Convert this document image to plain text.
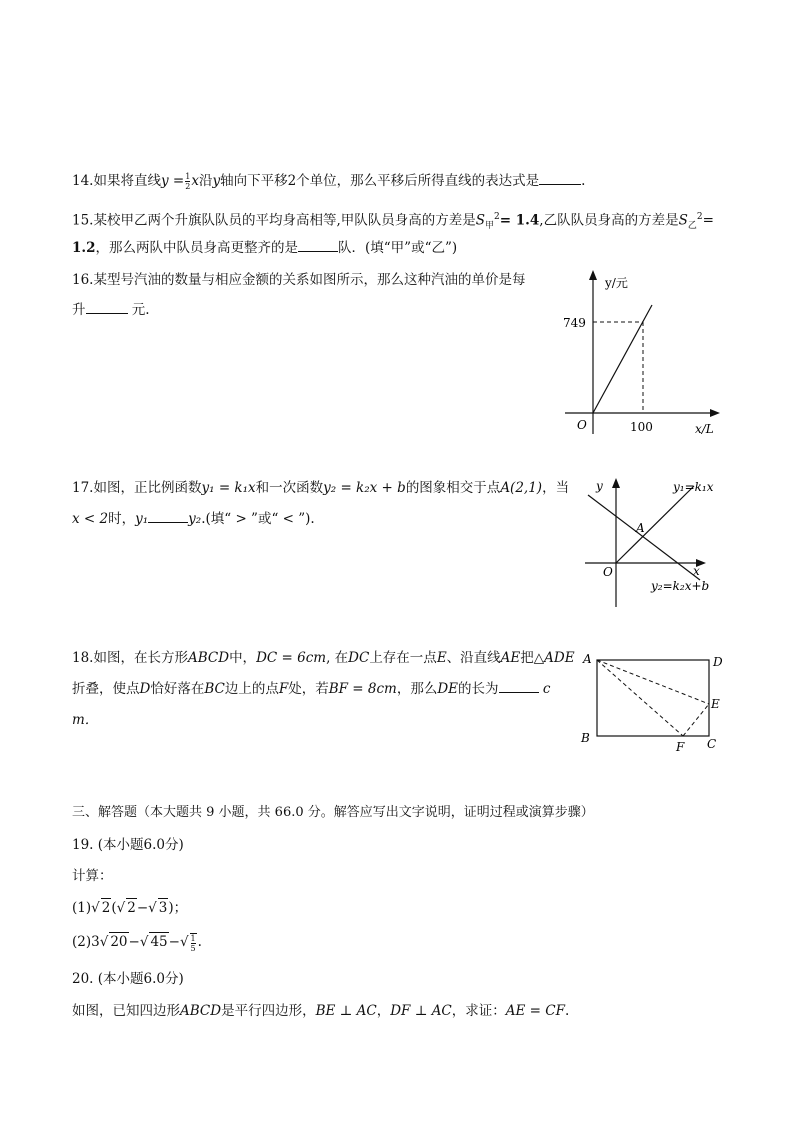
14.如果将直线$y = \frac{1}{2}$ x沿y轴向下平移2个单位，那么平移后所得直线的表达式是	.
15.某校甲乙两个升旗队队员的平均身高相等,甲队队员身高的方差是$S_甲^2= 1.4$,乙队队员身高的方差是$S_乙^2=$
1.2，那么两队中队员身高更整齐的是	队．(填“甲”或“乙”)
16.某型号汽油的数量与相应金额的关系如图所示，那么这种汽油的单价是每
升	元.
y/元
x/L
O
749
100
17.如图，正比例函数y₁ = k₁x和一次函数y₂ = k₂x + b的图象相交于点A(2,1)，当
x < 2时，y₁	y₂.(填“ > ”或“ < ”).
y
x
O
A
y₁=k₁x
y₂=k₂x+b
18.如图，在长方形ABCD中，DC = 6cm, 在DC上存在一点E、沿直线AE把△ADE
折叠，使点D恰好落在BC边上的点F处，若BF = 8cm，那么DE的长为	c
m．
A	D
E
B
F C
三、解答题（本大题共 9 小题，共 66.0 分。解答应写出文字说明，证明过程或演算步骤）
19. (本小题6.0分)
计算：
(1)√ 2(√ 2−√ 3)；
(2)3√ 20−√ $45-√ \frac{1}{5}$ .
20. (本小题6.0分)
如图，已知四边形ABCD是平行四边形，BE ⊥ AC，DF ⊥ AC，求证：AE = CF.
